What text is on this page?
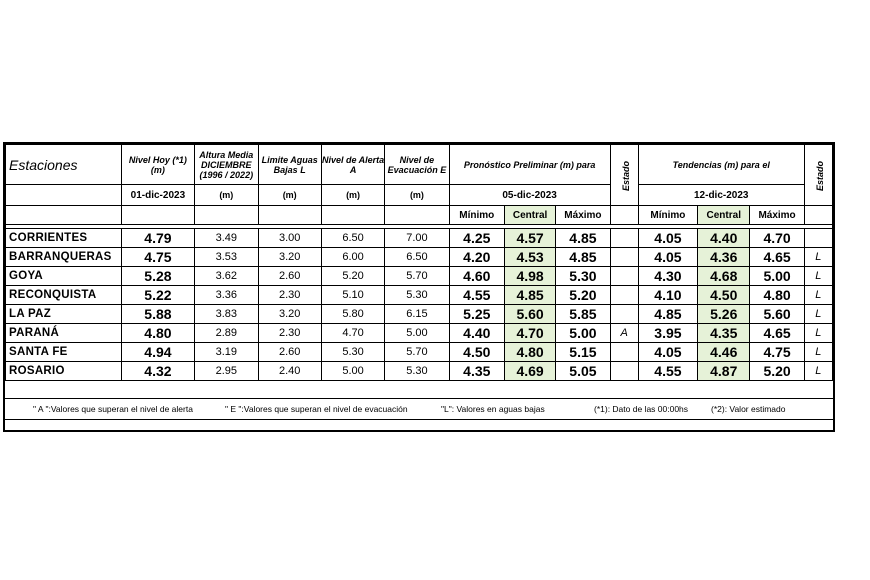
Estaciones	Nivel Hoy (*1) (m)	Altura Media DICIEMBRE (1996 / 2022)	Limite Aguas Bajas L	Nivel de Alerta A	Nivel de Evacuación E	Pronóstico Preliminar (m) para			Estado	Tendencias (m) para el			Estado
	01-dic-2023	(m)	(m)	(m)	(m)	05-dic-2023				12-dic-2023			
						Mínimo	Central	Máximo		Mínimo	Central	Máximo	

CORRIENTES	4.79	3.49	3.00	6.50	7.00	4.25	4.57	4.85		4.05	4.40	4.70	
BARRANQUERAS	4.75	3.53	3.20	6.00	6.50	4.20	4.53	4.85		4.05	4.36	4.65	L
GOYA	5.28	3.62	2.60	5.20	5.70	4.60	4.98	5.30		4.30	4.68	5.00	L
RECONQUISTA	5.22	3.36	2.30	5.10	5.30	4.55	4.85	5.20		4.10	4.50	4.80	L
LA PAZ	5.88	3.83	3.20	5.80	6.15	5.25	5.60	5.85		4.85	5.26	5.60	L
PARANÁ	4.80	2.89	2.30	4.70	5.00	4.40	4.70	5.00	A	3.95	4.35	4.65	L
SANTA FE	4.94	3.19	2.60	5.30	5.70	4.50	4.80	5.15		4.05	4.46	4.75	L
ROSARIO	4.32	2.95	2.40	5.00	5.30	4.35	4.69	5.05		4.55	4.87	5.20	L
" A ":Valores que superan el nivel de alerta	" E ":Valores que superan el nivel de evacuación	"L": Valores en aguas bajas	(*1): Dato de las 00:00hs	(*2): Valor estimado
